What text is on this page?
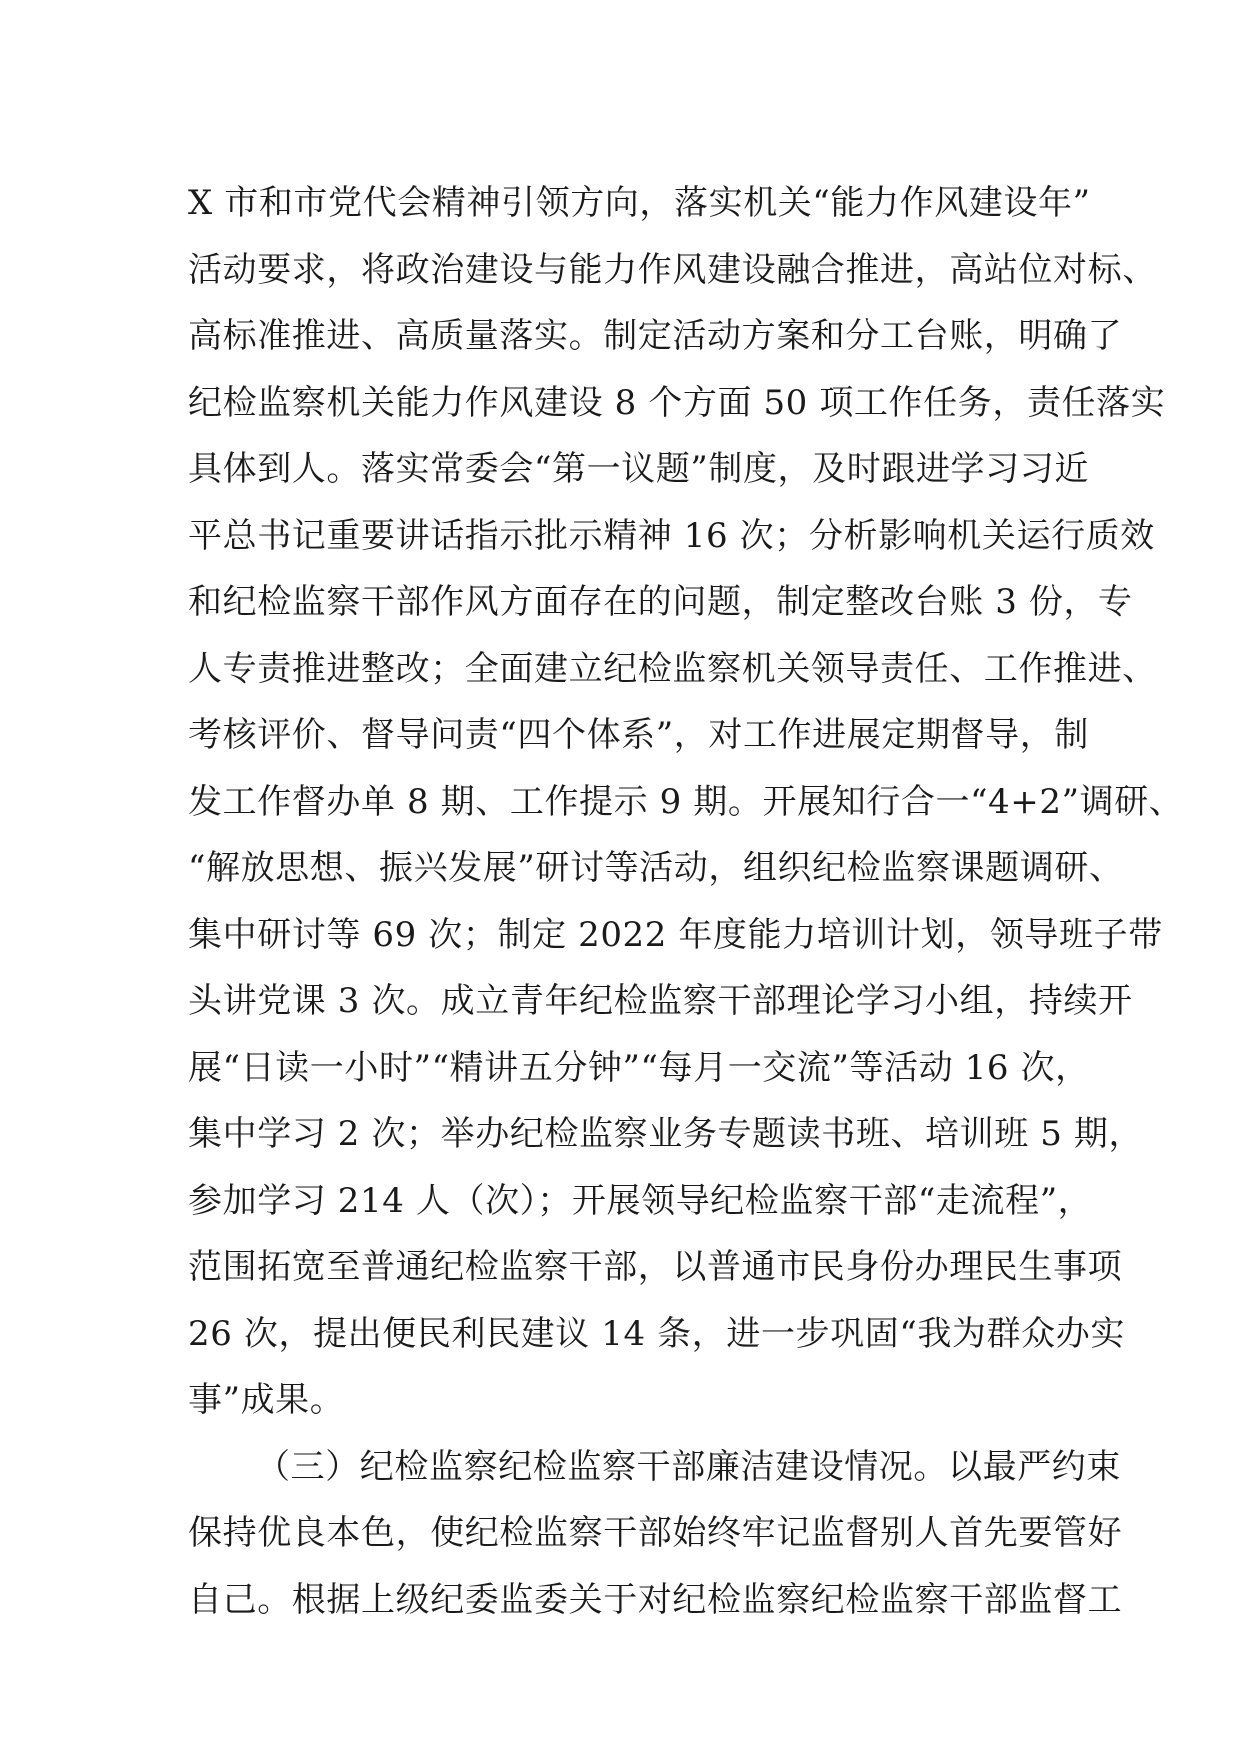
X 市和市党代会精神引领方向，落实机关“能力作风建设年”
活动要求，将政治建设与能力作风建设融合推进，高站位对标、
高标准推进、高质量落实。制定活动方案和分工台账，明确了
纪检监察机关能力作风建设 8 个方面 50 项工作任务，责任落实
具体到人。落实常委会“第一议题”制度，及时跟进学习习近
平总书记重要讲话指示批示精神 16 次；分析影响机关运行质效
和纪检监察干部作风方面存在的问题，制定整改台账 3 份，专
人专责推进整改；全面建立纪检监察机关领导责任、工作推进、
考核评价、督导问责“四个体系”，对工作进展定期督导，制
发工作督办单 8 期、工作提示 9 期。开展知行合一“4+2”调研、
“解放思想、振兴发展”研讨等活动，组织纪检监察课题调研、
集中研讨等 69 次；制定 2022 年度能力培训计划，领导班子带
头讲党课 3 次。成立青年纪检监察干部理论学习小组，持续开
展“日读一小时”“精讲五分钟”“每月一交流”等活动 16 次，
集中学习 2 次；举办纪检监察业务专题读书班、培训班 5 期，
参加学习 214 人（次）；开展领导纪检监察干部“走流程”，
范围拓宽至普通纪检监察干部，以普通市民身份办理民生事项
26 次，提出便民利民建议 14 条，进一步巩固“我为群众办实
事”成果。
（三）纪检监察纪检监察干部廉洁建设情况。以最严约束
保持优良本色，使纪检监察干部始终牢记监督别人首先要管好
自己。根据上级纪委监委关于对纪检监察纪检监察干部监督工
